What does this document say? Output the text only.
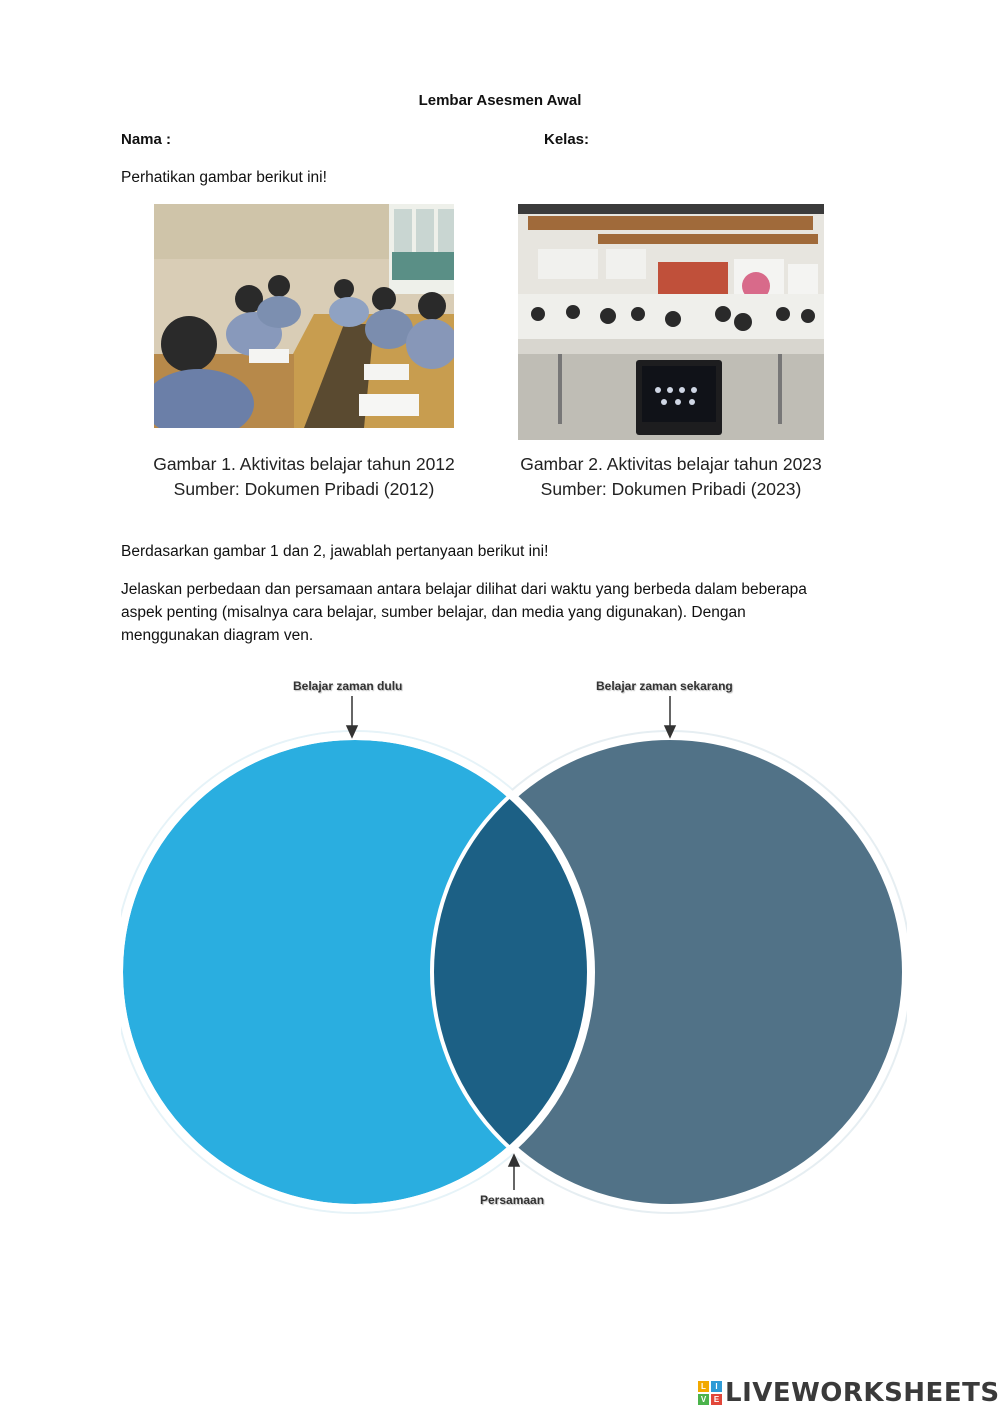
Lembar Asesmen Awal
Nama :	Kelas:
Perhatikan gambar berikut ini!
Gambar 1. Aktivitas belajar tahun 2012
Sumber: Dokumen Pribadi (2012)
Gambar 2. Aktivitas belajar tahun 2023
Sumber: Dokumen Pribadi (2023)
Berdasarkan gambar 1 dan 2, jawablah pertanyaan berikut ini!
Jelaskan perbedaan dan persamaan antara belajar dilihat dari waktu yang berbeda dalam beberapa
aspek penting (misalnya cara belajar, sumber belajar, dan media yang digunakan). Dengan
menggunakan diagram ven.
Belajar zaman dulu	Belajar zaman sekarang
Persamaan
L	I
V E LIVEWORKSHEETS
